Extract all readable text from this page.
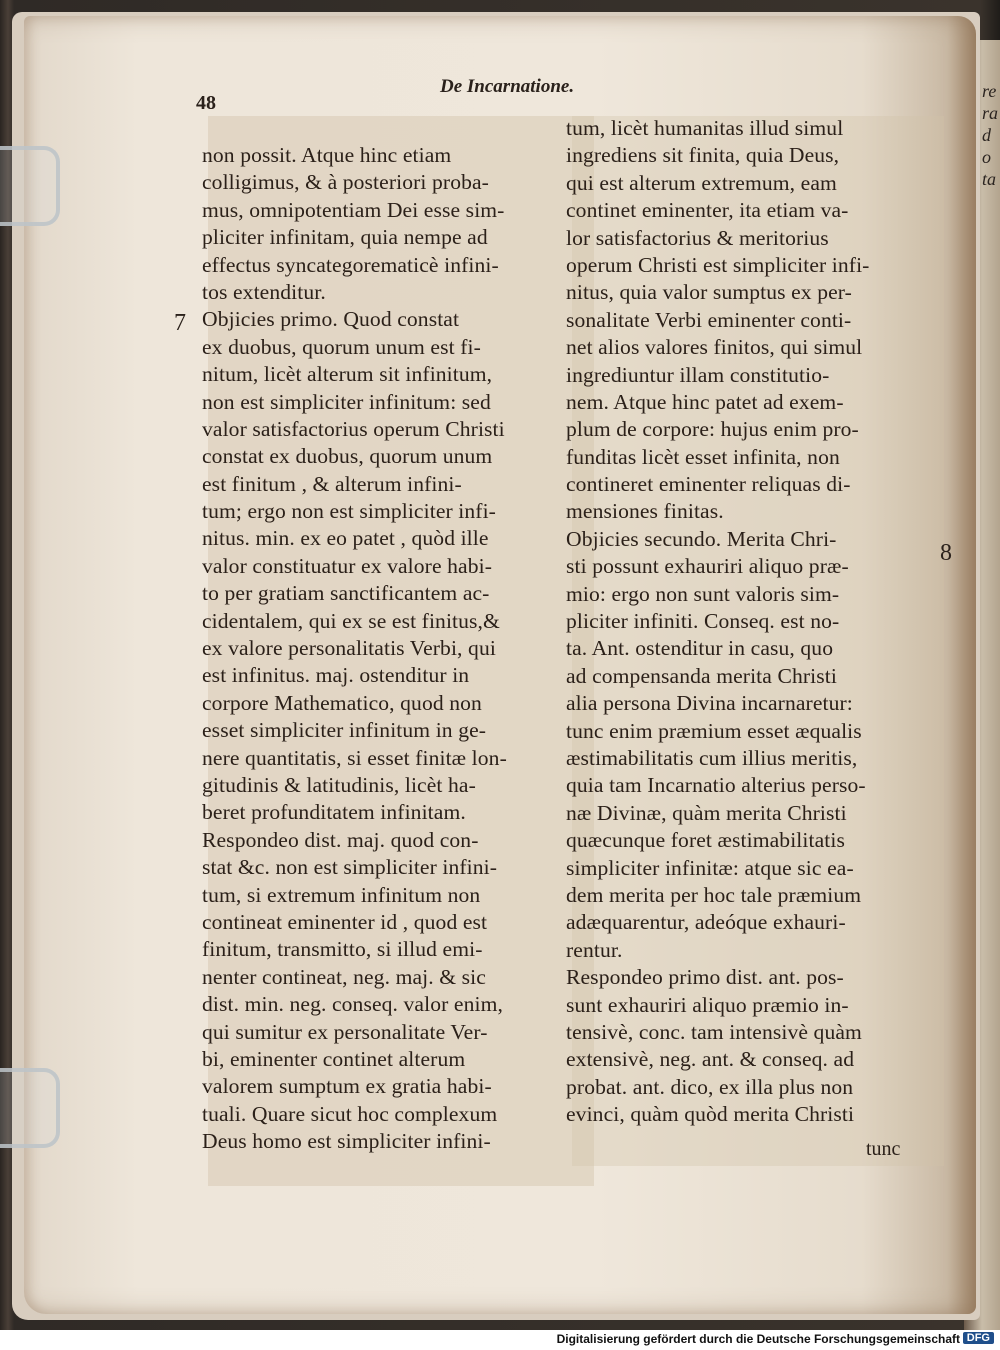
re
ra
d
o
ta
48
De Incarnatione.
7
8
non possit. Atque hinc etiam
colligimus, & à posteriori proba-
mus, omnipotentiam Dei esse sim-
pliciter infinitam, quia nempe ad
effectus syncategorematicè infini-
tos extenditur.
Objicies primo. Quod constat
ex duobus, quorum unum est fi-
nitum, licèt alterum sit infinitum,
non est simpliciter infinitum: sed
valor satisfactorius operum Christi
constat ex duobus, quorum unum
est finitum , & alterum infini-
tum; ergo non est simpliciter infi-
nitus. min. ex eo patet , quòd ille
valor constituatur ex valore habi-
to per gratiam sanctificantem ac-
cidentalem, qui ex se est finitus,&
ex valore personalitatis Verbi, qui
est infinitus. maj. ostenditur in
corpore Mathematico, quod non
esset simpliciter infinitum in ge-
nere quantitatis, si esset finitæ lon-
gitudinis & latitudinis, licèt ha-
beret profunditatem infinitam.
Respondeo dist. maj. quod con-
stat &c. non est simpliciter infini-
tum, si extremum infinitum non
contineat eminenter id , quod est
finitum, transmitto, si illud emi-
nenter contineat, neg. maj. & sic
dist. min. neg. conseq. valor enim,
qui sumitur ex personalitate Ver-
bi, eminenter continet alterum
valorem sumptum ex gratia habi-
tuali. Quare sicut hoc complexum
Deus homo est simpliciter infini-
tum, licèt humanitas illud simul
ingrediens sit finita, quia Deus,
qui est alterum extremum, eam
continet eminenter, ita etiam va-
lor satisfactorius & meritorius
operum Christi est simpliciter infi-
nitus, quia valor sumptus ex per-
sonalitate Verbi eminenter conti-
net alios valores finitos, qui simul
ingrediuntur illam constitutio-
nem. Atque hinc patet ad exem-
plum de corpore: hujus enim pro-
funditas licèt esset infinita, non
contineret eminenter reliquas di-
mensiones finitas.
Objicies secundo. Merita Chri-
sti possunt exhauriri aliquo præ-
mio: ergo non sunt valoris sim-
pliciter infiniti. Conseq. est no-
ta. Ant. ostenditur in casu, quo
ad compensanda merita Christi
alia persona Divina incarnaretur:
tunc enim præmium esset æqualis
æstimabilitatis cum illius meritis,
quia tam Incarnatio alterius perso-
næ Divinæ, quàm merita Christi
quæcunque foret æstimabilitatis
simpliciter infinitæ: atque sic ea-
dem merita per hoc tale præmium
adæquarentur, adeóque exhauri-
rentur.
Respondeo primo dist. ant. pos-
sunt exhauriri aliquo præmio in-
tensivè, conc. tam intensivè quàm
extensivè, neg. ant. & conseq. ad
probat. ant. dico, ex illa plus non
evinci, quàm quòd merita Christi
tunc
Digitalisierung gefördert durch die Deutsche Forschungsgemeinschaft DFG
